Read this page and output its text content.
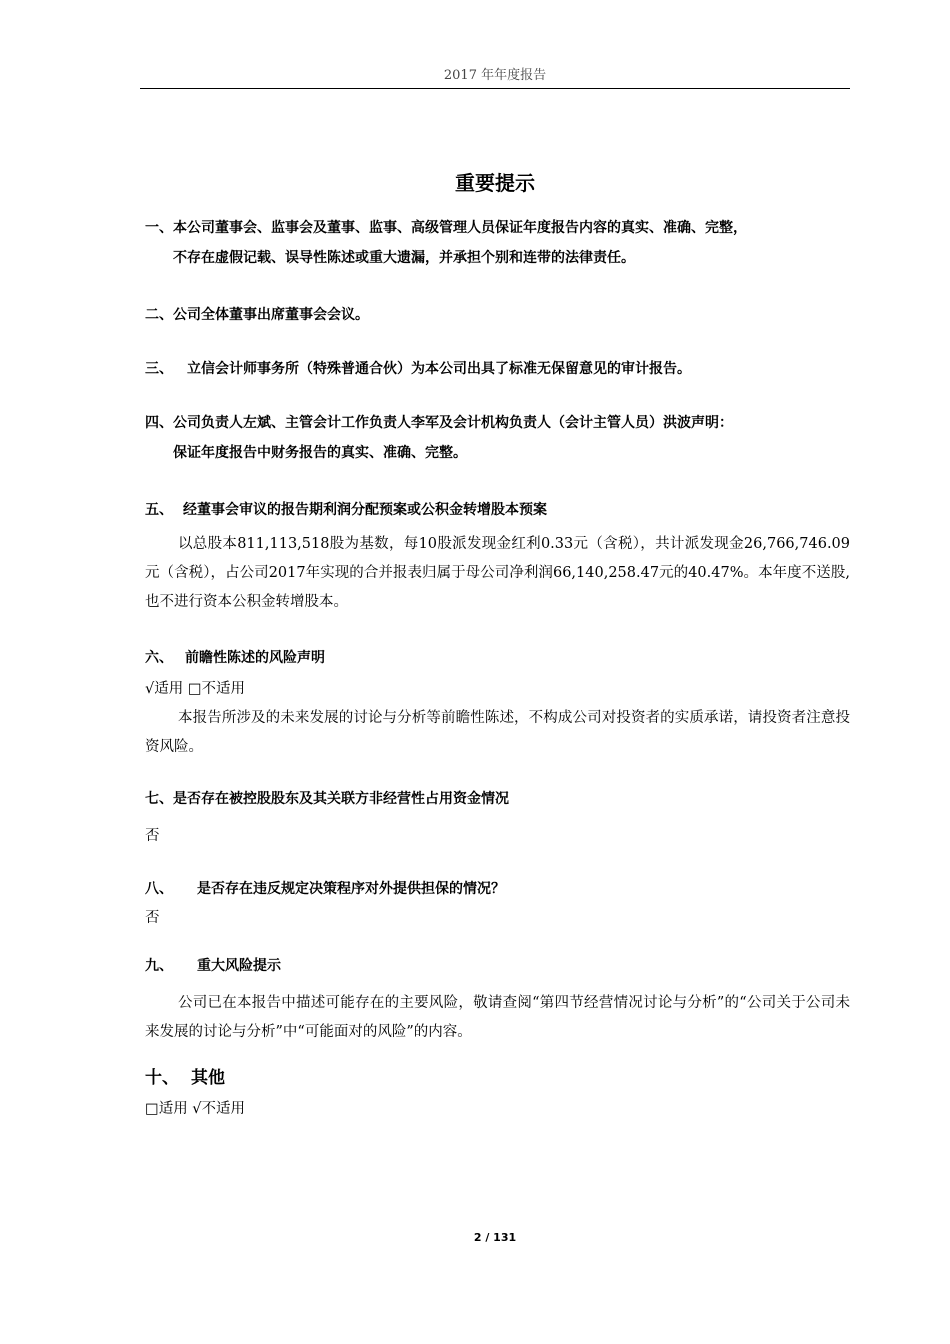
2017 年年度报告
重要提示
一、本公司董事会、监事会及董事、监事、高级管理人员保证年度报告内容的真实、准确、完整，
不存在虚假记载、误导性陈述或重大遗漏，并承担个别和连带的法律责任。
二、公司全体董事出席董事会会议。
三、 立信会计师事务所（特殊普通合伙）为本公司出具了标准无保留意见的审计报告。
四、公司负责人左斌、主管会计工作负责人李军及会计机构负责人（会计主管人员）洪波声明：
保证年度报告中财务报告的真实、准确、完整。
五、 经董事会审议的报告期利润分配预案或公积金转增股本预案
以总股本811,113,518股为基数，每10股派发现金红利0.33元（含税），共计派发现金26,766,746.09元（含税），占公司2017年实现的合并报表归属于母公司净利润66,140,258.47元的40.47%。本年度不送股,也不进行资本公积金转增股本。
六、 前瞻性陈述的风险声明
√适用 □不适用
本报告所涉及的未来发展的讨论与分析等前瞻性陈述，不构成公司对投资者的实质承诺，请投资者注意投资风险。
七、是否存在被控股股东及其关联方非经营性占用资金情况
否
八、 是否存在违反规定决策程序对外提供担保的情况？
否
九、 重大风险提示
公司已在本报告中描述可能存在的主要风险，敬请查阅“第四节经营情况讨论与分析”的“公司关于公司未来发展的讨论与分析”中“可能面对的风险”的内容。
十、 其他
□适用 √不适用
2 / 131
